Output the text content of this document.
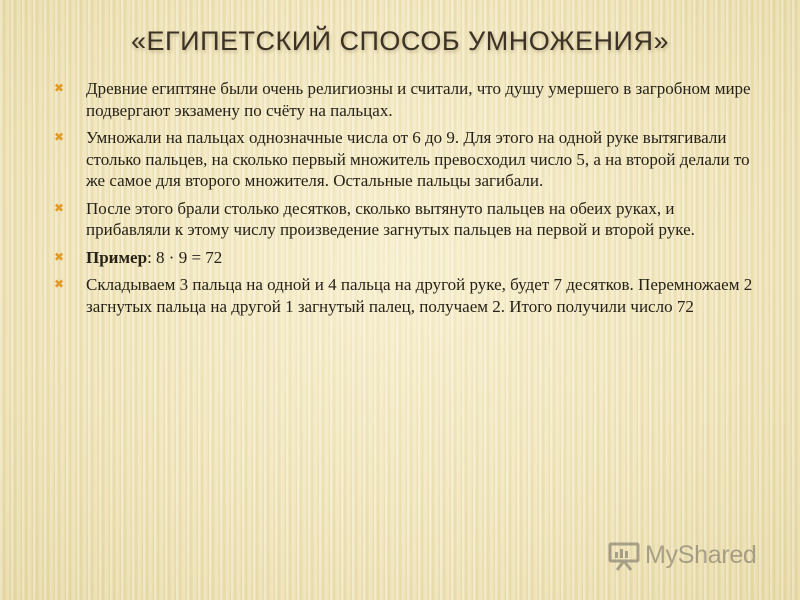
«ЕГИПЕТСКИЙ СПОСОБ УМНОЖЕНИЯ»
✖ Древние египтяне были очень религиозны и считали, что душу умершего в загробном мире подвергают экзамену по счёту на пальцах.
✖ Умножали на пальцах однозначные числа от 6 до 9. Для этого на одной руке вытягивали столько пальцев, на сколько первый множитель превосходил число 5, а на второй делали то же самое для второго множителя. Остальные пальцы загибали.
✖ После этого брали столько десятков, сколько вытянуто пальцев на обеих руках, и прибавляли к этому числу произведение загнутых пальцев на первой и второй руке.
✖ Пример: 8 · 9 = 72
✖ Складываем 3 пальца на одной и 4 пальца на другой руке, будет 7 десятков. Перемножаем 2 загнутых пальца на другой 1 загнутый палец, получаем 2. Итого получили число 72
MyShared
